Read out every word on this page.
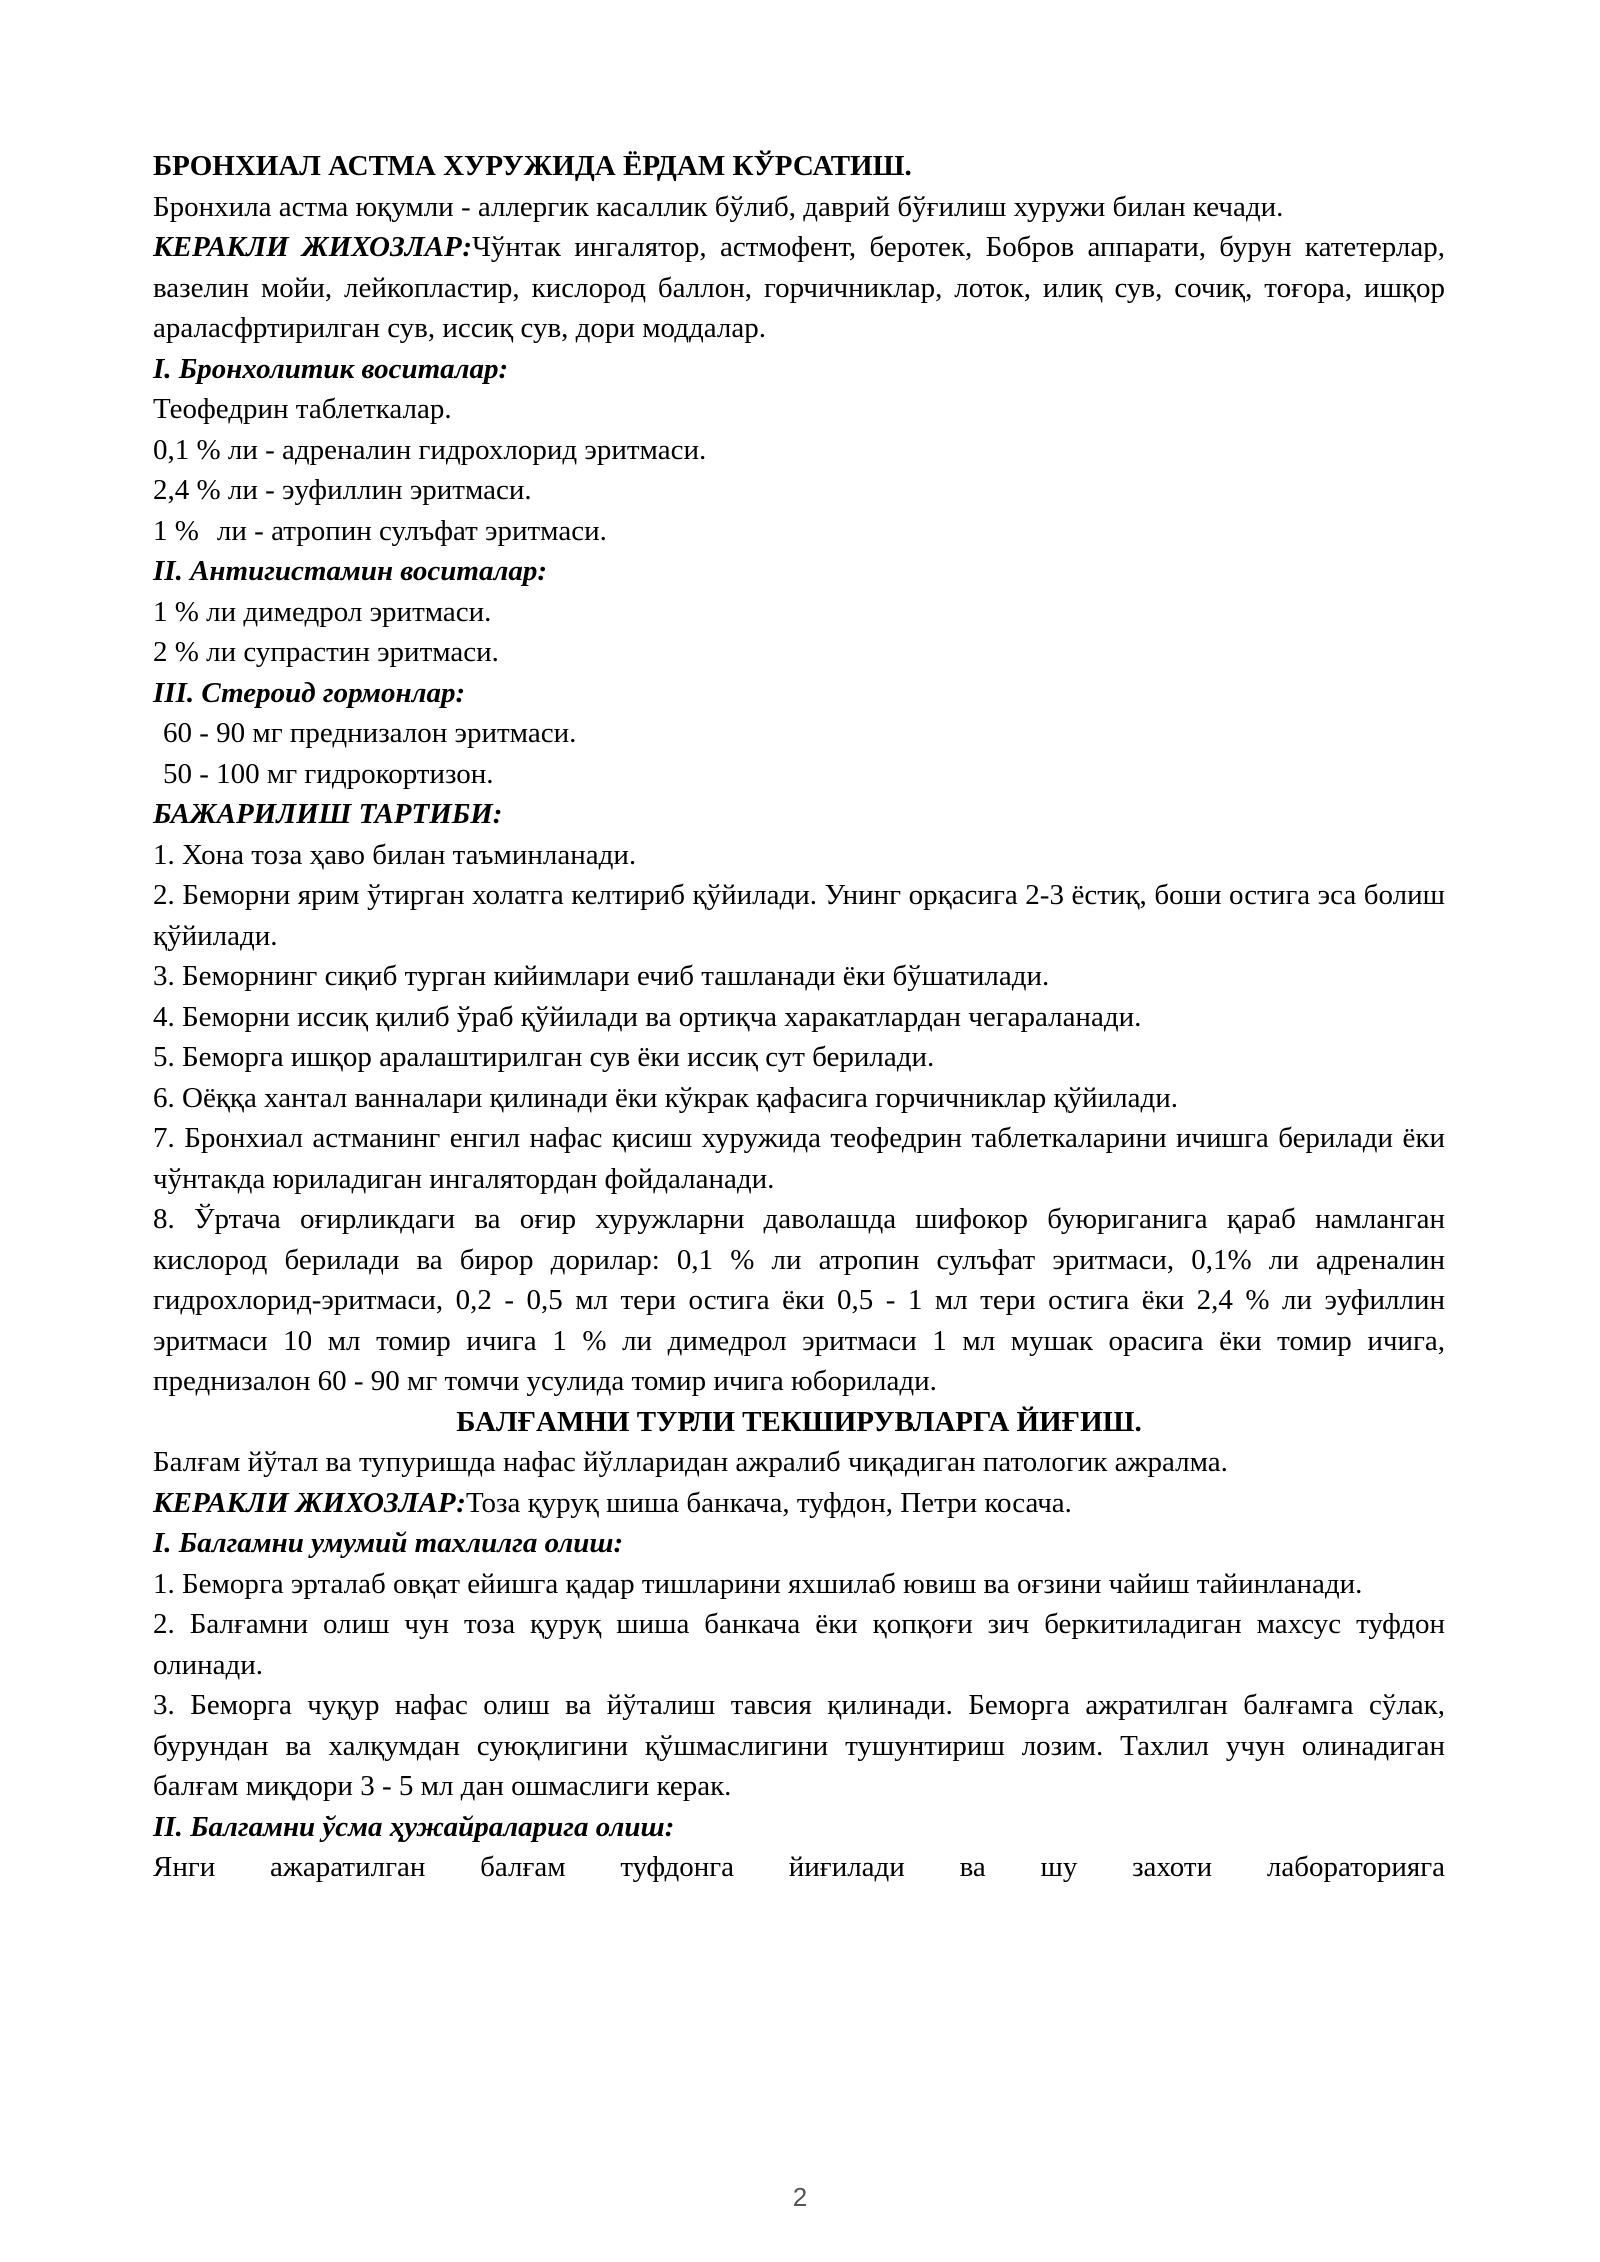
БРОНХИАЛ АСТМА ХУРУЖИДА ЁРДАМ КЎРСАТИШ.

Бронхила астма юқумли - аллергик касаллик бўлиб, даврий бўғилиш хуружи билан кечади.

КЕРАКЛИ ЖИХОЗЛАР:Чўнтак ингалятор, астмофент, беротек, Бобров аппарати, бурун катетерлар, вазелин мойи, лейкопластир, кислород баллон, горчичниклар, лоток, илиқ сув, сочиқ, тоғора, ишқор араласфртирилган сув, иссиқ сув, дори моддалар.

I. Бронхолитик воситалар:

Теофедрин таблеткалар.

0,1 % ли - адреналин гидрохлорид эритмаси.

2,4 % ли - эуфиллин эритмаси.

1 % ли - атропин сулъфат эритмаси.

II. Антигистамин воситалар:

1 % ли димедрол эритмаси.

2 % ли супрастин эритмаси.

III. Стероид гормонлар:

60 - 90 мг преднизалон эритмаси.

50 - 100 мг гидрокортизон.

БАЖАРИЛИШ ТАРТИБИ:

1. Хона тоза ҳаво билан таъминланади.

2. Беморни ярим ўтирган холатга келтириб қўйилади. Унинг орқасига 2-3 ёстиқ, боши остига эса болиш қўйилади.

3. Беморнинг сиқиб турган кийимлари ечиб ташланади ёки бўшатилади.

4. Беморни иссиқ қилиб ўраб қўйилади ва ортиқча харакатлардан чегараланади.

5. Беморга ишқор аралаштирилган сув ёки иссиқ сут берилади.

6. Оёққа хантал ванналари қилинади ёки кўкрак қафасига горчичниклар қўйилади.

7. Бронхиал астманинг енгил нафас қисиш хуружида теофедрин таблеткаларини ичишга берилади ёки чўнтакда юриладиган ингалятордан фойдаланади.

8. Ўртача оғирликдаги ва оғир хуружларни даволашда шифокор буюриганига қараб намланган кислород берилади ва бирор дорилар: 0,1 % ли атропин сулъфат эритмаси, 0,1% ли адреналин гидрохлорид-эритмаси, 0,2 - 0,5 мл тери остига ёки 0,5 - 1 мл тери остига ёки 2,4 % ли эуфиллин эритмаси 10 мл томир ичига 1 % ли димедрол эритмаси 1 мл мушак орасига ёки томир ичига, преднизалон 60 - 90 мг томчи усулида томир ичига юборилади.

БАЛҒАМНИ ТУРЛИ ТЕКШИРУВЛАРГА ЙИҒИШ.

Балғам йўтал ва тупуришда нафас йўлларидан ажралиб чиқадиган патологик ажралма.

КЕРАКЛИ ЖИХОЗЛАР:Тоза қуруқ шиша банкача, туфдон, Петри косача.

I. Балгамни умумий тахлилга олиш:

1. Беморга эрталаб овқат ейишга қадар тишларини яхшилаб ювиш ва оғзини чайиш тайинланади.

2. Балғамни олиш чун тоза қуруқ шиша банкача ёки қопқоғи зич беркитиладиган махсус туфдон олинади.

3. Беморга чуқур нафас олиш ва йўталиш тавсия қилинади. Беморга ажратилган балғамга сўлак, бурундан ва халқумдан суюқлигини қўшмаслигини тушунтириш лозим. Тахлил учун олинадиган балғам миқдори 3 - 5 мл дан ошмаслиги керак.

II. Балгамни ўсма ҳужайраларига олиш:

Янги ажаратилган балғам туфдонга йиғилади ва шу захоти лабораторияга

2
